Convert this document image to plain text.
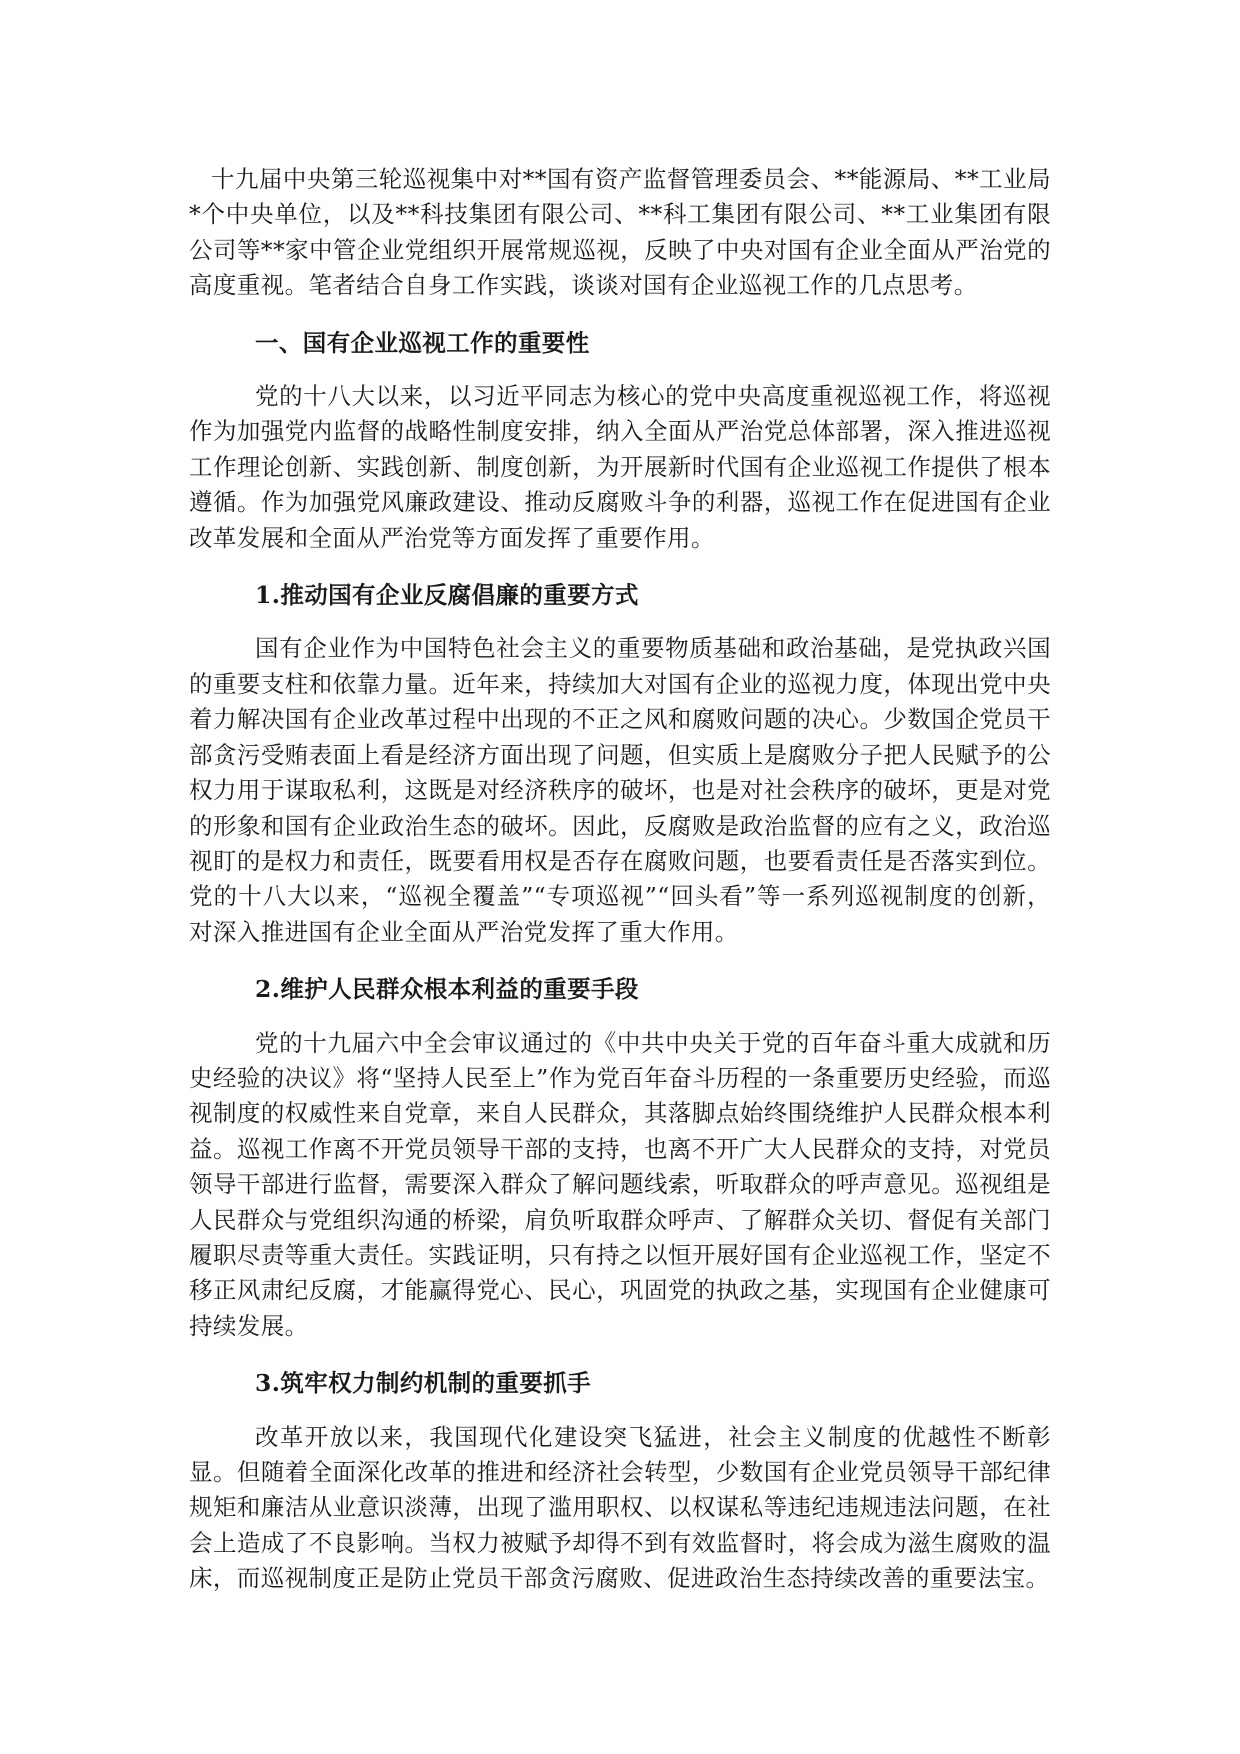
十九届中央第三轮巡视集中对**国有资产监督管理委员会、**能源局、**工业局*个中央单位，以及**科技集团有限公司、**科工集团有限公司、**工业集团有限公司等**家中管企业党组织开展常规巡视，反映了中央对国有企业全面从严治党的高度重视。笔者结合自身工作实践，谈谈对国有企业巡视工作的几点思考。

一、国有企业巡视工作的重要性

党的十八大以来，以习近平同志为核心的党中央高度重视巡视工作，将巡视作为加强党内监督的战略性制度安排，纳入全面从严治党总体部署，深入推进巡视工作理论创新、实践创新、制度创新，为开展新时代国有企业巡视工作提供了根本遵循。作为加强党风廉政建设、推动反腐败斗争的利器，巡视工作在促进国有企业改革发展和全面从严治党等方面发挥了重要作用。

1.推动国有企业反腐倡廉的重要方式

国有企业作为中国特色社会主义的重要物质基础和政治基础，是党执政兴国的重要支柱和依靠力量。近年来，持续加大对国有企业的巡视力度，体现出党中央着力解决国有企业改革过程中出现的不正之风和腐败问题的决心。少数国企党员干部贪污受贿表面上看是经济方面出现了问题，但实质上是腐败分子把人民赋予的公权力用于谋取私利，这既是对经济秩序的破坏，也是对社会秩序的破坏，更是对党的形象和国有企业政治生态的破坏。因此，反腐败是政治监督的应有之义，政治巡视盯的是权力和责任，既要看用权是否存在腐败问题，也要看责任是否落实到位。党的十八大以来，“巡视全覆盖”“专项巡视”“回头看”等一系列巡视制度的创新，对深入推进国有企业全面从严治党发挥了重大作用。

2.维护人民群众根本利益的重要手段

党的十九届六中全会审议通过的《中共中央关于党的百年奋斗重大成就和历史经验的决议》将“坚持人民至上”作为党百年奋斗历程的一条重要历史经验，而巡视制度的权威性来自党章，来自人民群众，其落脚点始终围绕维护人民群众根本利益。巡视工作离不开党员领导干部的支持，也离不开广大人民群众的支持，对党员领导干部进行监督，需要深入群众了解问题线索，听取群众的呼声意见。巡视组是人民群众与党组织沟通的桥梁，肩负听取群众呼声、了解群众关切、督促有关部门履职尽责等重大责任。实践证明，只有持之以恒开展好国有企业巡视工作，坚定不移正风肃纪反腐，才能赢得党心、民心，巩固党的执政之基，实现国有企业健康可持续发展。

3.筑牢权力制约机制的重要抓手

改革开放以来，我国现代化建设突飞猛进，社会主义制度的优越性不断彰显。但随着全面深化改革的推进和经济社会转型，少数国有企业党员领导干部纪律规矩和廉洁从业意识淡薄，出现了滥用职权、以权谋私等违纪违规违法问题，在社会上造成了不良影响。当权力被赋予却得不到有效监督时，将会成为滋生腐败的温床，而巡视制度正是防止党员干部贪污腐败、促进政治生态持续改善的重要法宝。
